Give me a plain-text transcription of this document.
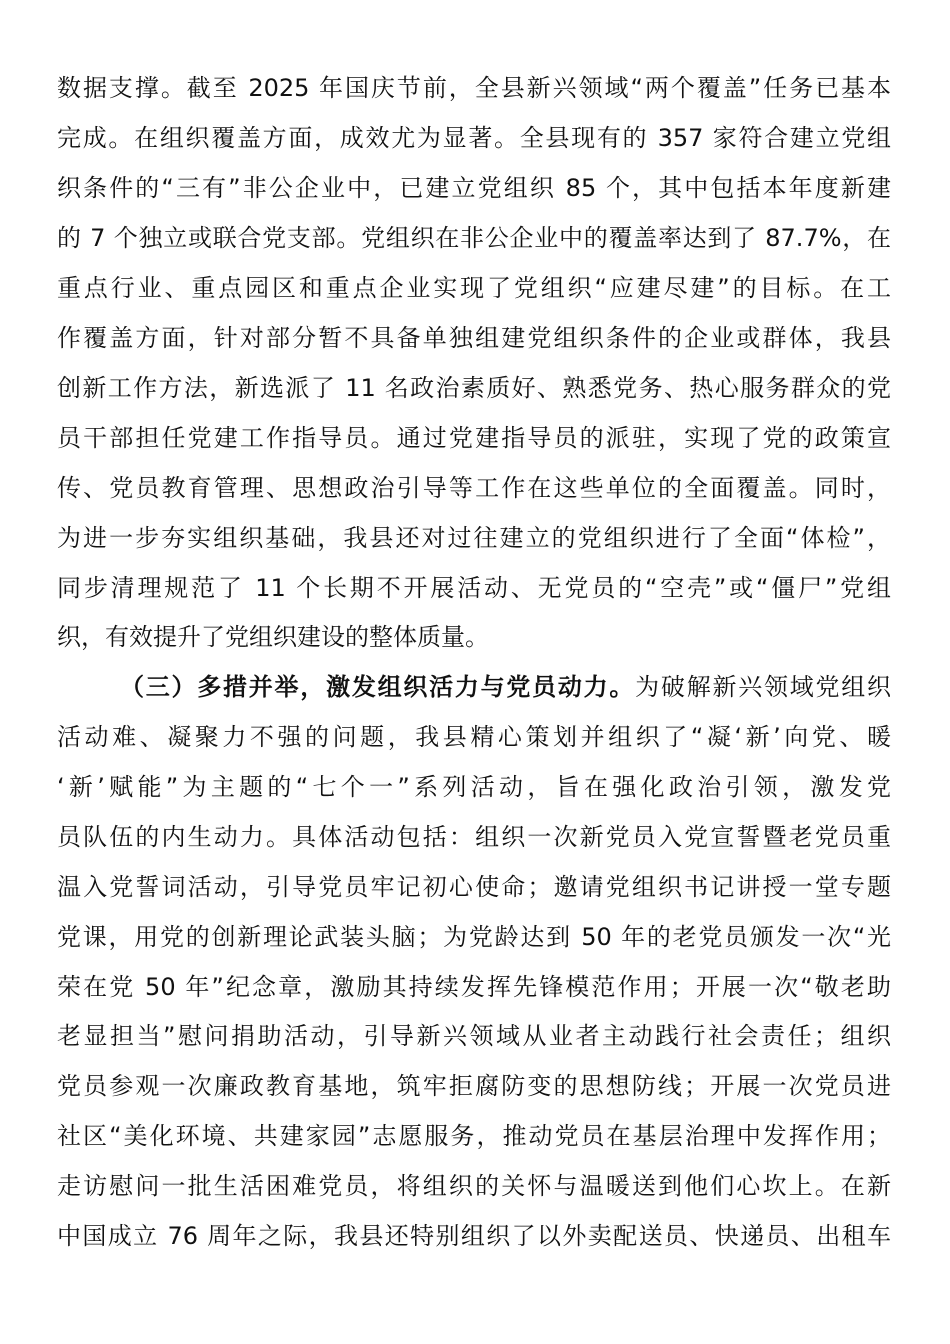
数据支撑。截至 2025 年国庆节前，全县新兴领域“两个覆盖”任务已基本
完成。在组织覆盖方面，成效尤为显著。全县现有的 357 家符合建立党组
织条件的“三有”非公企业中，已建立党组织 85 个，其中包括本年度新建
的 7 个独立或联合党支部。党组织在非公企业中的覆盖率达到了 87.7%，在
重点行业、重点园区和重点企业实现了党组织“应建尽建”的目标。在工
作覆盖方面，针对部分暂不具备单独组建党组织条件的企业或群体，我县
创新工作方法，新选派了 11 名政治素质好、熟悉党务、热心服务群众的党
员干部担任党建工作指导员。通过党建指导员的派驻，实现了党的政策宣
传、党员教育管理、思想政治引导等工作在这些单位的全面覆盖。同时，
为进一步夯实组织基础，我县还对过往建立的党组织进行了全面“体检”，
同步清理规范了 11 个长期不开展活动、无党员的“空壳”或“僵尸”党组
织，有效提升了党组织建设的整体质量。
（三）多措并举，激发组织活力与党员动力。为破解新兴领域党组织
活动难、凝聚力不强的问题，我县精心策划并组织了“凝‘新’向党、暖
‘新’赋能”为主题的“七个一”系列活动，旨在强化政治引领，激发党
员队伍的内生动力。具体活动包括：组织一次新党员入党宣誓暨老党员重
温入党誓词活动，引导党员牢记初心使命；邀请党组织书记讲授一堂专题
党课，用党的创新理论武装头脑；为党龄达到 50 年的老党员颁发一次“光
荣在党 50 年”纪念章，激励其持续发挥先锋模范作用；开展一次“敬老助
老显担当”慰问捐助活动，引导新兴领域从业者主动践行社会责任；组织
党员参观一次廉政教育基地，筑牢拒腐防变的思想防线；开展一次党员进
社区“美化环境、共建家园”志愿服务，推动党员在基层治理中发挥作用；
走访慰问一批生活困难党员，将组织的关怀与温暖送到他们心坎上。在新
中国成立 76 周年之际，我县还特别组织了以外卖配送员、快递员、出租车
